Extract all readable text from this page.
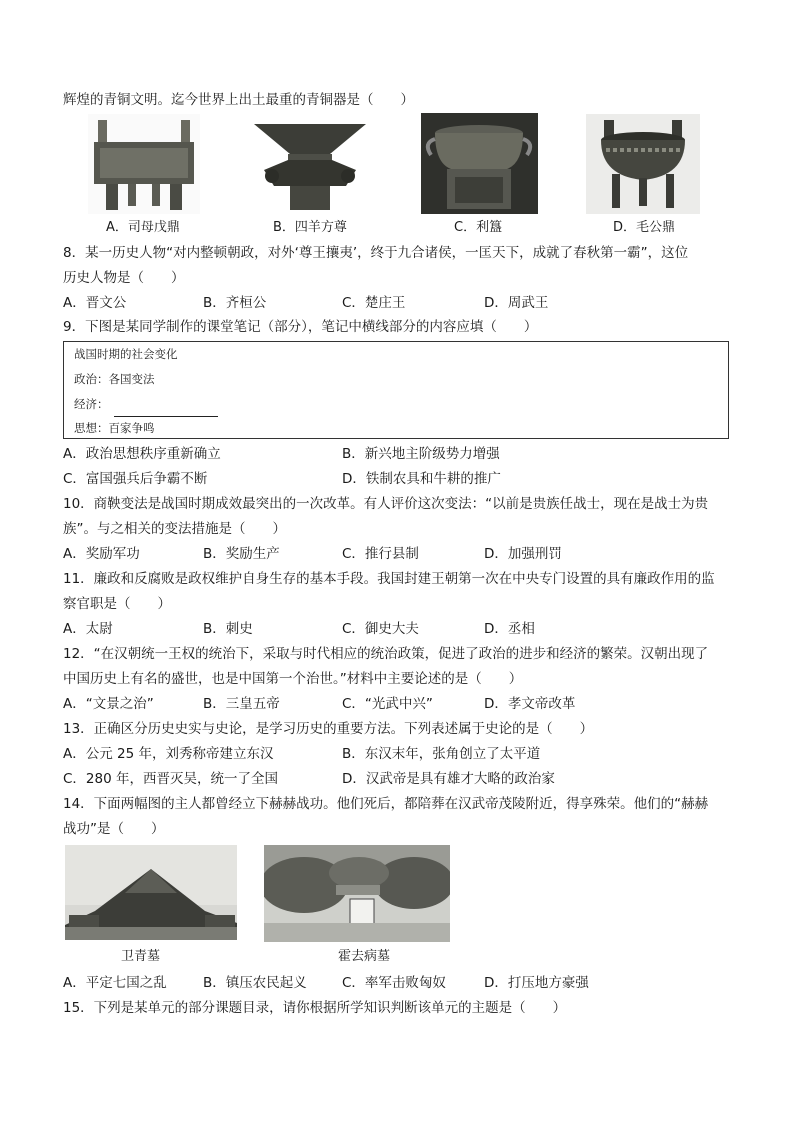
辉煌的青铜文明。迄今世界上出土最重的青铜器是（　　）
A．司母戊鼎	B．四羊方尊	C．利簋	D．毛公鼎
8．某一历史人物“对内整顿朝政，对外‘尊王攘夷’，终于九合诸侯，一匡天下，成就了春秋第一霸”，这位
历史人物是（　　）
A．晋文公	B．齐桓公	C．楚庄王	D．周武王
9．下图是某同学制作的课堂笔记（部分），笔记中横线部分的内容应填（　　）
战国时期的社会变化
政治：各国变法
经济：
思想：百家争鸣
A．政治思想秩序重新确立	B．新兴地主阶级势力增强
C．富国强兵后争霸不断	D．铁制农具和牛耕的推广
10．商鞅变法是战国时期成效最突出的一次改革。有人评价这次变法：“以前是贵族任战士，现在是战士为贵
族”。与之相关的变法措施是（　　）
A．奖励军功	B．奖励生产	C．推行县制	D．加强刑罚
11．廉政和反腐败是政权维护自身生存的基本手段。我国封建王朝第一次在中央专门设置的具有廉政作用的监
察官职是（　　）
A．太尉	B．刺史	C．御史大夫	D．丞相
12．“在汉朝统一王权的统治下，采取与时代相应的统治政策，促进了政治的进步和经济的繁荣。汉朝出现了
中国历史上有名的盛世，也是中国第一个治世。”材料中主要论述的是（　　）
A．“文景之治”	B．三皇五帝	C．“光武中兴”	D．孝文帝改革
13．正确区分历史史实与史论，是学习历史的重要方法。下列表述属于史论的是（　　）
A．公元 25 年，刘秀称帝建立东汉	B．东汉末年，张角创立了太平道
C．280 年，西晋灭吴，统一了全国	D．汉武帝是具有雄才大略的政治家
14．下面两幅图的主人都曾经立下赫赫战功。他们死后，都陪葬在汉武帝茂陵附近，得享殊荣。他们的“赫赫
战功”是（　　）
卫青墓	霍去病墓
A．平定七国之乱	B．镇压农民起义	C．率军击败匈奴	D．打压地方豪强
15．下列是某单元的部分课题目录，请你根据所学知识判断该单元的主题是（　　）
